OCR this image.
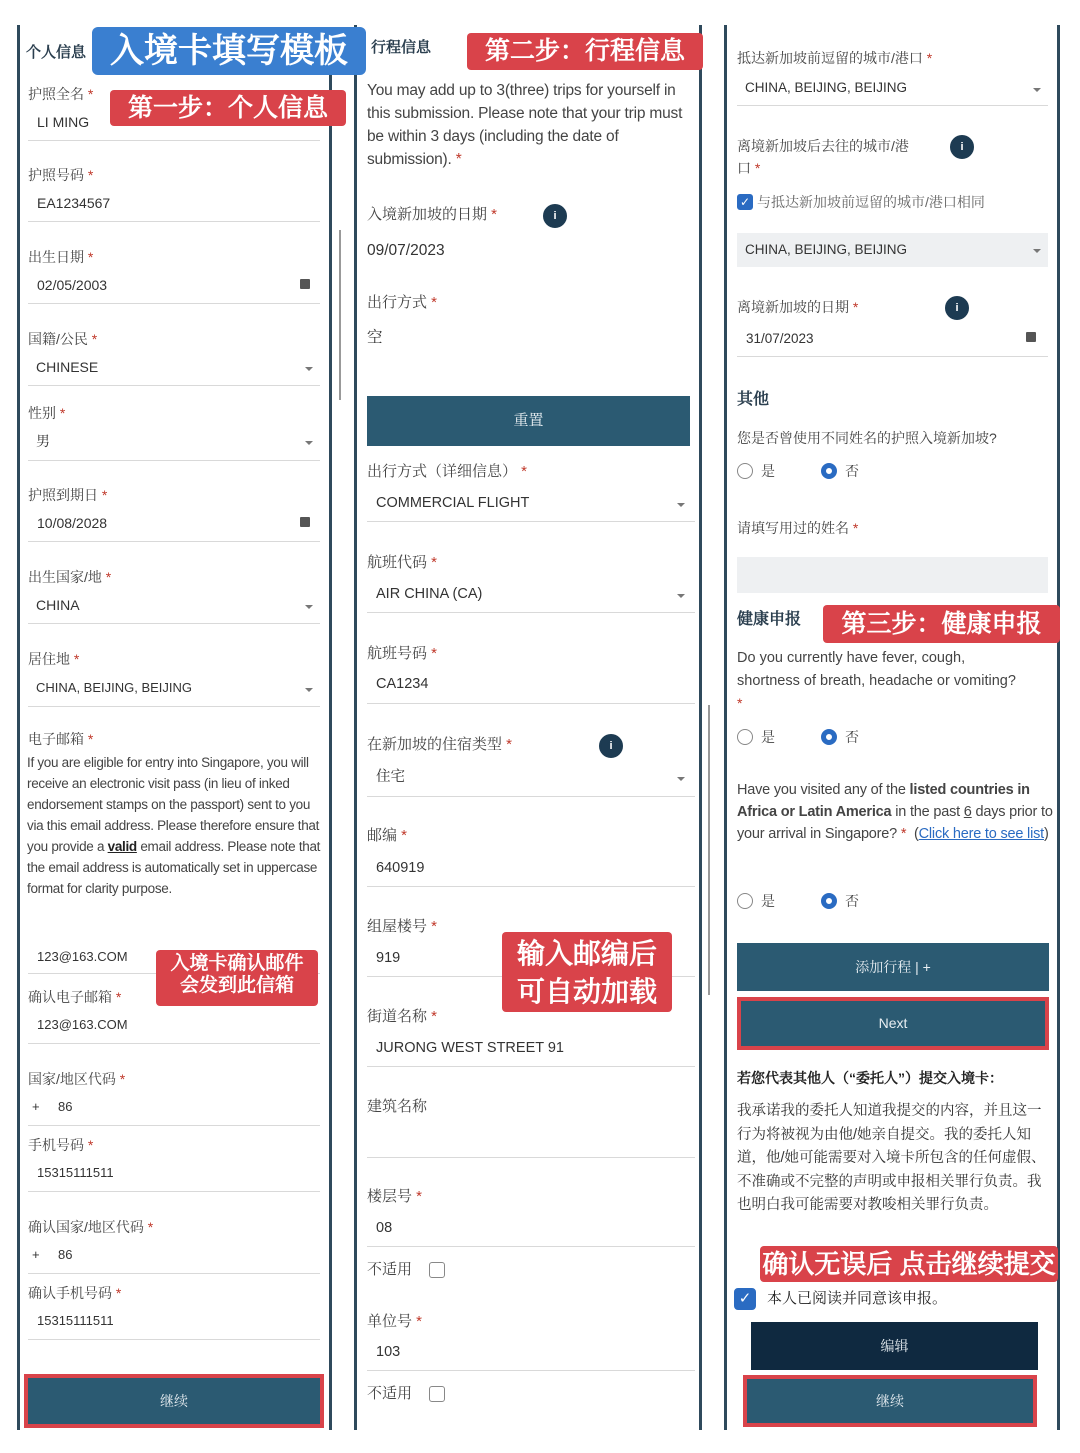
个人信息
护照全名 *
LI MING
护照号码 *
EA1234567
出生日期 *
02/05/2003
国籍/公民 *
CHINESE
性别 *
男
护照到期日 *
10/08/2028
出生国家/地 *
CHINA
居住地 *
CHINA, BEIJING, BEIJING
电子邮箱 *
If you are eligible for entry into Singapore, you will receive an electronic visit pass (in lieu of inked endorsement stamps on the passport) sent to you via this email address. Please therefore ensure that you provide a valid email address. Please note that the email address is automatically set in uppercase format for clarity purpose.
123@163.COM
确认电子邮箱 *
123@163.COM
国家/地区代码 *
+ 86
手机号码 *
15315111511
确认国家/地区代码 *
+ 86
确认手机号码 *
15315111511
继续
入境卡填写模板
第一步：个人信息
入境卡确认邮件
会发到此信箱
行程信息	第二步：行程信息
You may add up to 3(three) trips for yourself in this submission. Please note that your trip must be within 3 days (including the date of submission). *
入境新加坡的日期 *	i
09/07/2023
出行方式 *
空
重置
出行方式（详细信息） *
COMMERCIAL FLIGHT
航班代码 *
AIR CHINA (CA)
航班号码 *
CA1234
在新加坡的住宿类型 *	i
住宅
邮编 *
640919
组屋楼号 *
919
街道名称 *
JURONG WEST STREET 91
建筑名称
楼层号 *
08
不适用
单位号 *
103
不适用
输入邮编后
可自动加载
抵达新加坡前逗留的城市/港口 *
CHINA, BEIJING, BEIJING
离境新加坡后去往的城市/港
口 *
i
✓ 与抵达新加坡前逗留的城市/港口相同
CHINA, BEIJING, BEIJING
离境新加坡的日期 *	i
31/07/2023
其他
您是否曾使用不同姓名的护照入境新加坡?
是	否
请填写用过的姓名 *
健康申报	第三步：健康申报
Do you currently have fever, cough,
shortness of breath, headache or vomiting?
*
是	否
Have you visited any of the listed countries in Africa or Latin America in the past 6 days prior to your arrival in Singapore? * (Click here to see list)
是	否
添加行程 | +
Next
若您代表其他人（“委托人”）提交入境卡：
我承诺我的委托人知道我提交的内容，并且这一行为将被视为由他/她亲自提交。我的委托人知道，他/她可能需要对入境卡所包含的任何虚假、不准确或不完整的声明或申报相关罪行负责。我也明白我可能需要对教唆相关罪行负责。
确认无误后 点击继续提交
✓	本人已阅读并同意该申报。
编辑
继续
